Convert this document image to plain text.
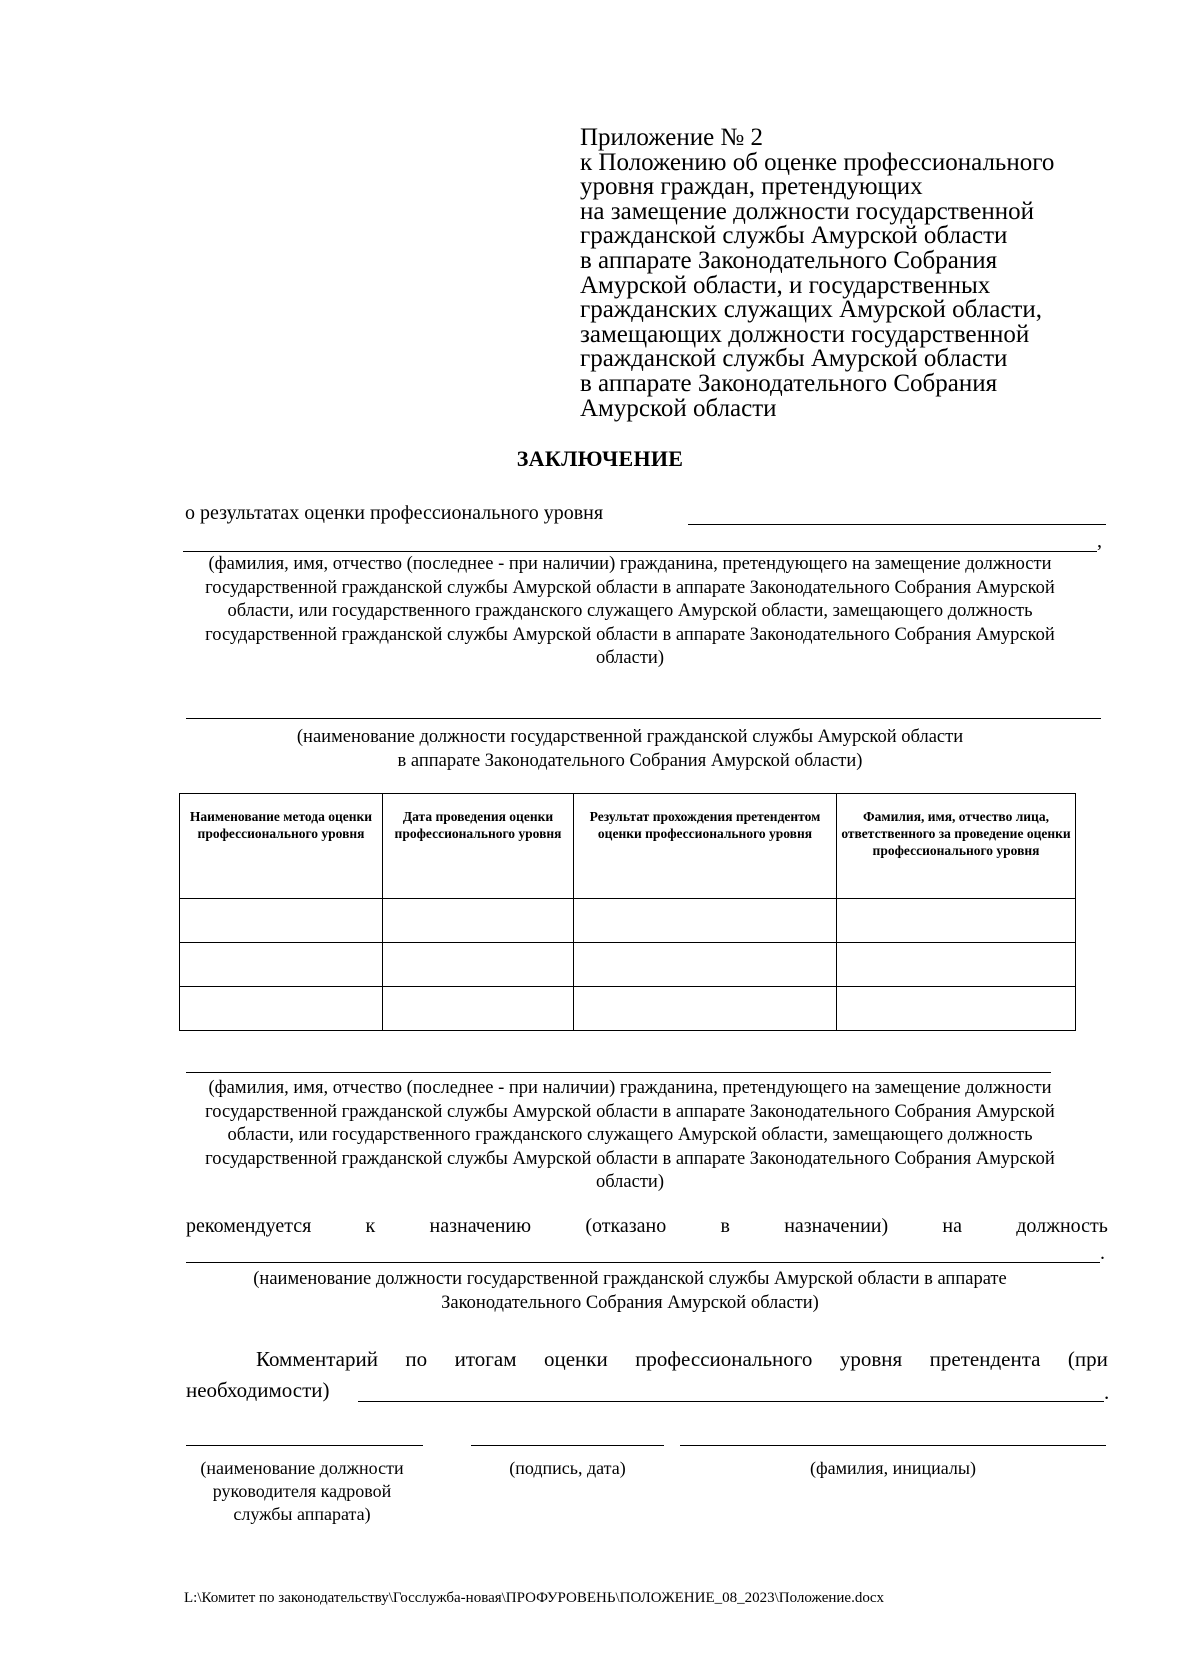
Приложение № 2
к Положению об оценке профессионального
уровня граждан, претендующих
на замещение должности государственной
гражданской службы Амурской области
в аппарате Законодательного Собрания
Амурской области, и государственных
гражданских служащих Амурской области,
замещающих должности государственной
гражданской службы Амурской области
в аппарате Законодательного Собрания
Амурской области
ЗАКЛЮЧЕНИЕ
о результатах оценки профессионального уровня
,
(фамилия, имя, отчество (последнее - при наличии) гражданина, претендующего на замещение должности
государственной гражданской службы Амурской области в аппарате Законодательного Собрания Амурской
области, или государственного гражданского служащего Амурской области, замещающего должность
государственной гражданской службы Амурской области в аппарате Законодательного Собрания Амурской
области)
(наименование должности государственной гражданской службы Амурской области
в аппарате Законодательного Собрания Амурской области)
Наименование метода оценки профессионального уровня	Дата проведения оценки профессионального уровня	Результат прохождения претендентом оценки профессионального уровня	Фамилия, имя, отчество лица, ответственного за проведение оценки профессионального уровня

(фамилия, имя, отчество (последнее - при наличии) гражданина, претендующего на замещение должности
государственной гражданской службы Амурской области в аппарате Законодательного Собрания Амурской
области, или государственного гражданского служащего Амурской области, замещающего должность
государственной гражданской службы Амурской области в аппарате Законодательного Собрания Амурской
области)
рекомендуется	к	назначению	(отказано	в	назначении)	на	должность
.
(наименование должности государственной гражданской службы Амурской области в аппарате
Законодательного Собрания Амурской области)
Комментарий по итогам оценки профессионального уровня претендента (при
необходимости)	.
(наименование должности
руководителя кадровой
службы аппарата)
(подпись, дата)	(фамилия, инициалы)
L:\Комитет по законодательству\Госслужба-новая\ПРОФУРОВЕНЬ\ПОЛОЖЕНИЕ_08_2023\Положение.docx
